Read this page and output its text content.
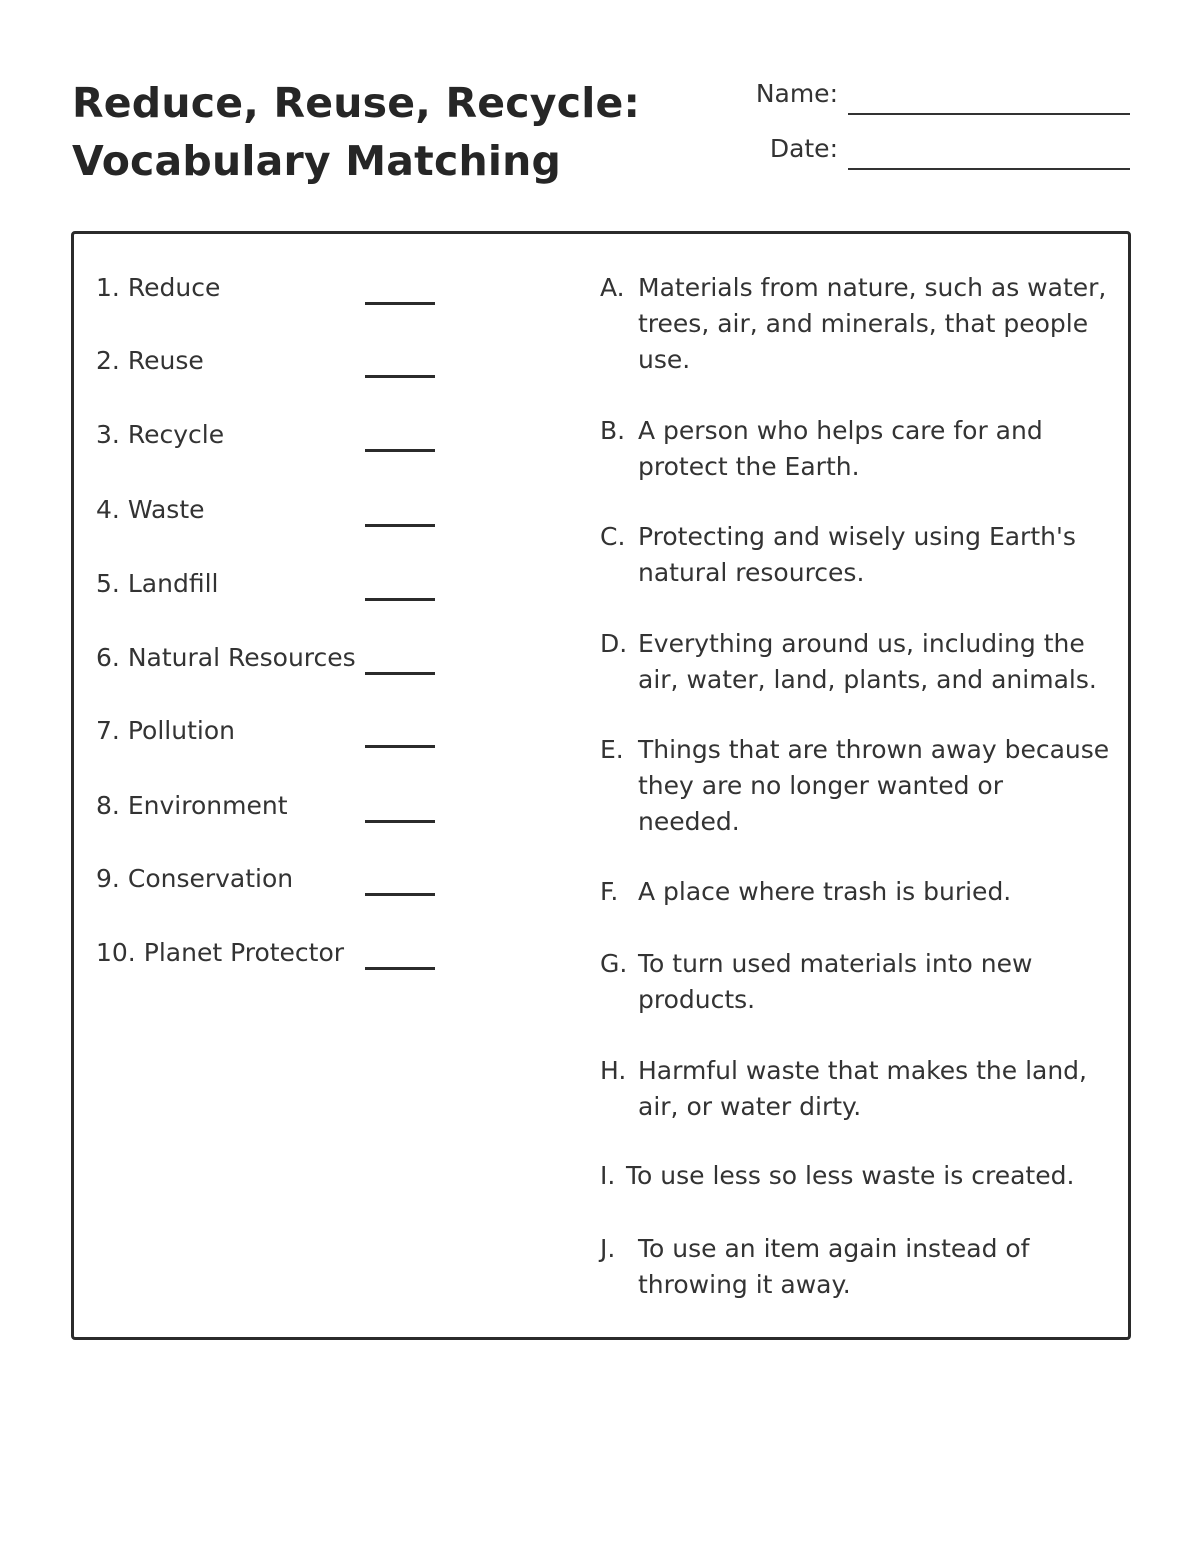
Reduce, Reuse, Recycle:
Vocabulary Matching
Name:
Date:
1. Reduce
2. Reuse
3. Recycle
4. Waste
5. Landfill
6. Natural Resources
7. Pollution
8. Environment
9. Conservation
10. Planet Protector
A. Materials from nature, such as water, trees, air, and minerals, that people use.
B. A person who helps care for and protect the Earth.
C. Protecting and wisely using Earth's natural resources.
D. Everything around us, including the air, water, land, plants, and animals.
E. Things that are thrown away because they are no longer wanted or needed.
F. A place where trash is buried.
G. To turn used materials into new products.
H. Harmful waste that makes the land, air, or water dirty.
I. To use less so less waste is created.
J. To use an item again instead of throwing it away.
